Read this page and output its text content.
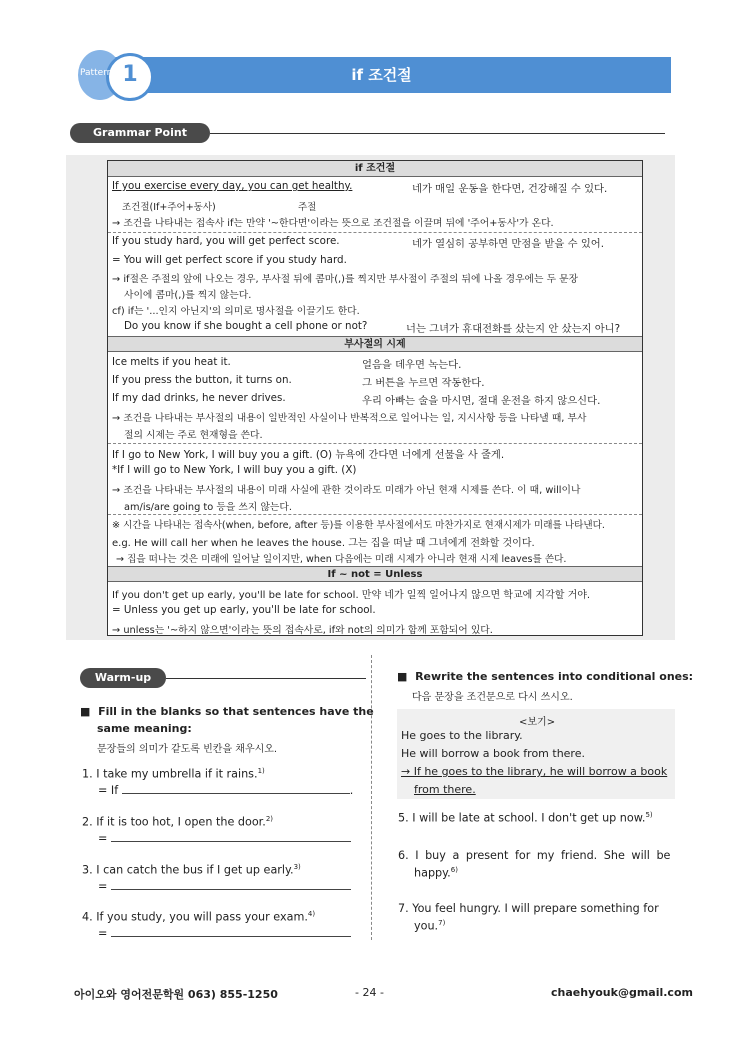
if 조건절
Pattern 1
Grammar Point
if 조건절
If you exercise every day, you can get healthy.	네가 매일 운동을 한다면, 건강해질 수 있다.
조건절(If+주어+동사)	주절
→ 조건을 나타내는 접속사 if는 만약 '~한다면'이라는 뜻으로 조건절을 이끌며 뒤에 '주어+동사'가 온다.
If you study hard, you will get perfect score.	네가 열심히 공부하면 만점을 받을 수 있어.
= You will get perfect score if you study hard.
→ if절은 주절의 앞에 나오는 경우, 부사절 뒤에 콤마(,)를 찍지만 부사절이 주절의 뒤에 나올 경우에는 두 문장
사이에 콤마(,)를 찍지 않는다.
cf) if는 '...인지 아닌지'의 의미로 명사절을 이끌기도 한다.
Do you know if she bought a cell phone or not?	너는 그녀가 휴대전화를 샀는지 안 샀는지 아니?
부사절의 시제
Ice melts if you heat it.	얼음을 데우면 녹는다.
If you press the button, it turns on.	그 버튼을 누르면 작동한다.
If my dad drinks, he never drives.	우리 아빠는 술을 마시면, 절대 운전을 하지 않으신다.
→ 조건을 나타내는 부사절의 내용이 일반적인 사실이나 반복적으로 일어나는 일, 지시사항 등을 나타낼 때, 부사
절의 시제는 주로 현재형을 쓴다.
If I go to New York, I will buy you a gift. (O) 뉴욕에 간다면 너에게 선물을 사 줄게.
*If I will go to New York, I will buy you a gift. (X)
→ 조건을 나타내는 부사절의 내용이 미래 사실에 관한 것이라도 미래가 아닌 현재 시제를 쓴다. 이 때, will이나
am/is/are going to 등을 쓰지 않는다.
※ 시간을 나타내는 접속사(when, before, after 등)를 이용한 부사절에서도 마찬가지로 현재시제가 미래를 나타낸다.
e.g. He will call her when he leaves the house. 그는 집을 떠날 때 그녀에게 전화할 것이다.
→ 집을 떠나는 것은 미래에 일어날 일이지만, when 다음에는 미래 시제가 아니라 현재 시제 leaves를 쓴다.
If ~ not = Unless
If you don't get up early, you'll be late for school. 만약 네가 일찍 일어나지 않으면 학교에 지각할 거야.
= Unless you get up early, you'll be late for school.
→ unless는 '~하지 않으면'이라는 뜻의 접속사로, if와 not의 의미가 함께 포함되어 있다.
Warm-up
■  Fill in the blanks so that sentences have the
same meaning:
문장들의 의미가 같도록 빈칸을 채우시오.
1. I take my umbrella if it rains.$^{1)}$
= If	.
2. If it is too hot, I open the door.$^{2)}$
=
3. I can catch the bus if I get up early.$^{3)}$
=
4. If you study, you will pass your exam.$^{4)}$
=
■  Rewrite the sentences into conditional ones:
다음 문장을 조건문으로 다시 쓰시오.
<보기>
He goes to the library.
He will borrow a book from there.
→ If he goes to the library, he will borrow a book
from there.
5. I will be late at school. I don't get up now.$^{5)}$
6. I buy a present for my friend. She will be
happy.$^{6)}$
7. You feel hungry. I will prepare something for
you.$^{7)}$
아이오와 영어전문학원 063) 855-1250	- 24 -	chaehyouk@gmail.com
